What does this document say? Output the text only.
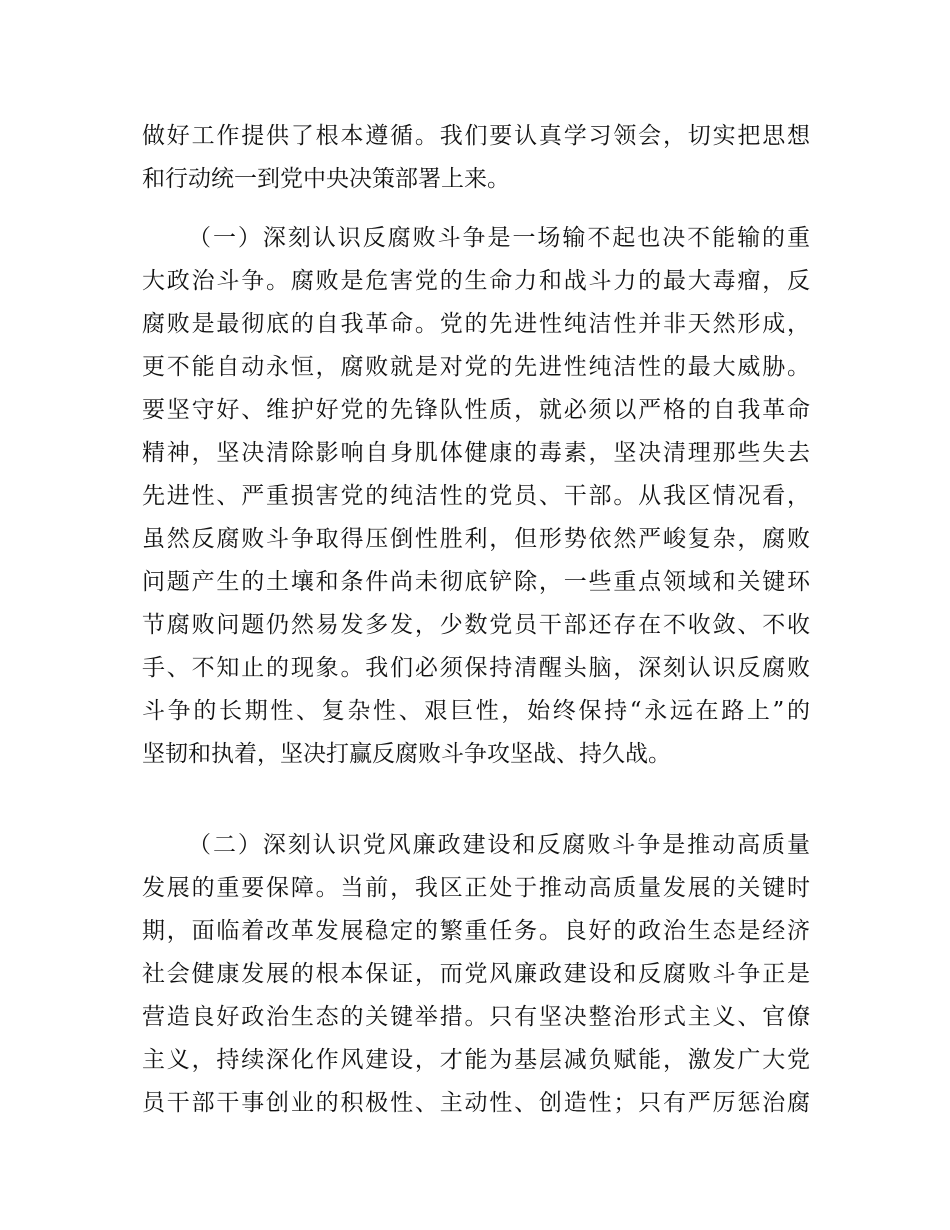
做好工作提供了根本遵循。我们要认真学习领会，切实把思想
和行动统一到党中央决策部署上来。
（一）深刻认识反腐败斗争是一场输不起也决不能输的重
大政治斗争。腐败是危害党的生命力和战斗力的最大毒瘤，反
腐败是最彻底的自我革命。党的先进性纯洁性并非天然形成，
更不能自动永恒，腐败就是对党的先进性纯洁性的最大威胁。
要坚守好、维护好党的先锋队性质，就必须以严格的自我革命
精神，坚决清除影响自身肌体健康的毒素，坚决清理那些失去
先进性、严重损害党的纯洁性的党员、干部。从我区情况看，
虽然反腐败斗争取得压倒性胜利，但形势依然严峻复杂，腐败
问题产生的土壤和条件尚未彻底铲除，一些重点领域和关键环
节腐败问题仍然易发多发，少数党员干部还存在不收敛、不收
手、不知止的现象。我们必须保持清醒头脑，深刻认识反腐败
斗争的长期性、复杂性、艰巨性，始终保持“永远在路上”的
坚韧和执着，坚决打赢反腐败斗争攻坚战、持久战。
（二）深刻认识党风廉政建设和反腐败斗争是推动高质量
发展的重要保障。当前，我区正处于推动高质量发展的关键时
期，面临着改革发展稳定的繁重任务。良好的政治生态是经济
社会健康发展的根本保证，而党风廉政建设和反腐败斗争正是
营造良好政治生态的关键举措。只有坚决整治形式主义、官僚
主义，持续深化作风建设，才能为基层减负赋能，激发广大党
员干部干事创业的积极性、主动性、创造性；只有严厉惩治腐
